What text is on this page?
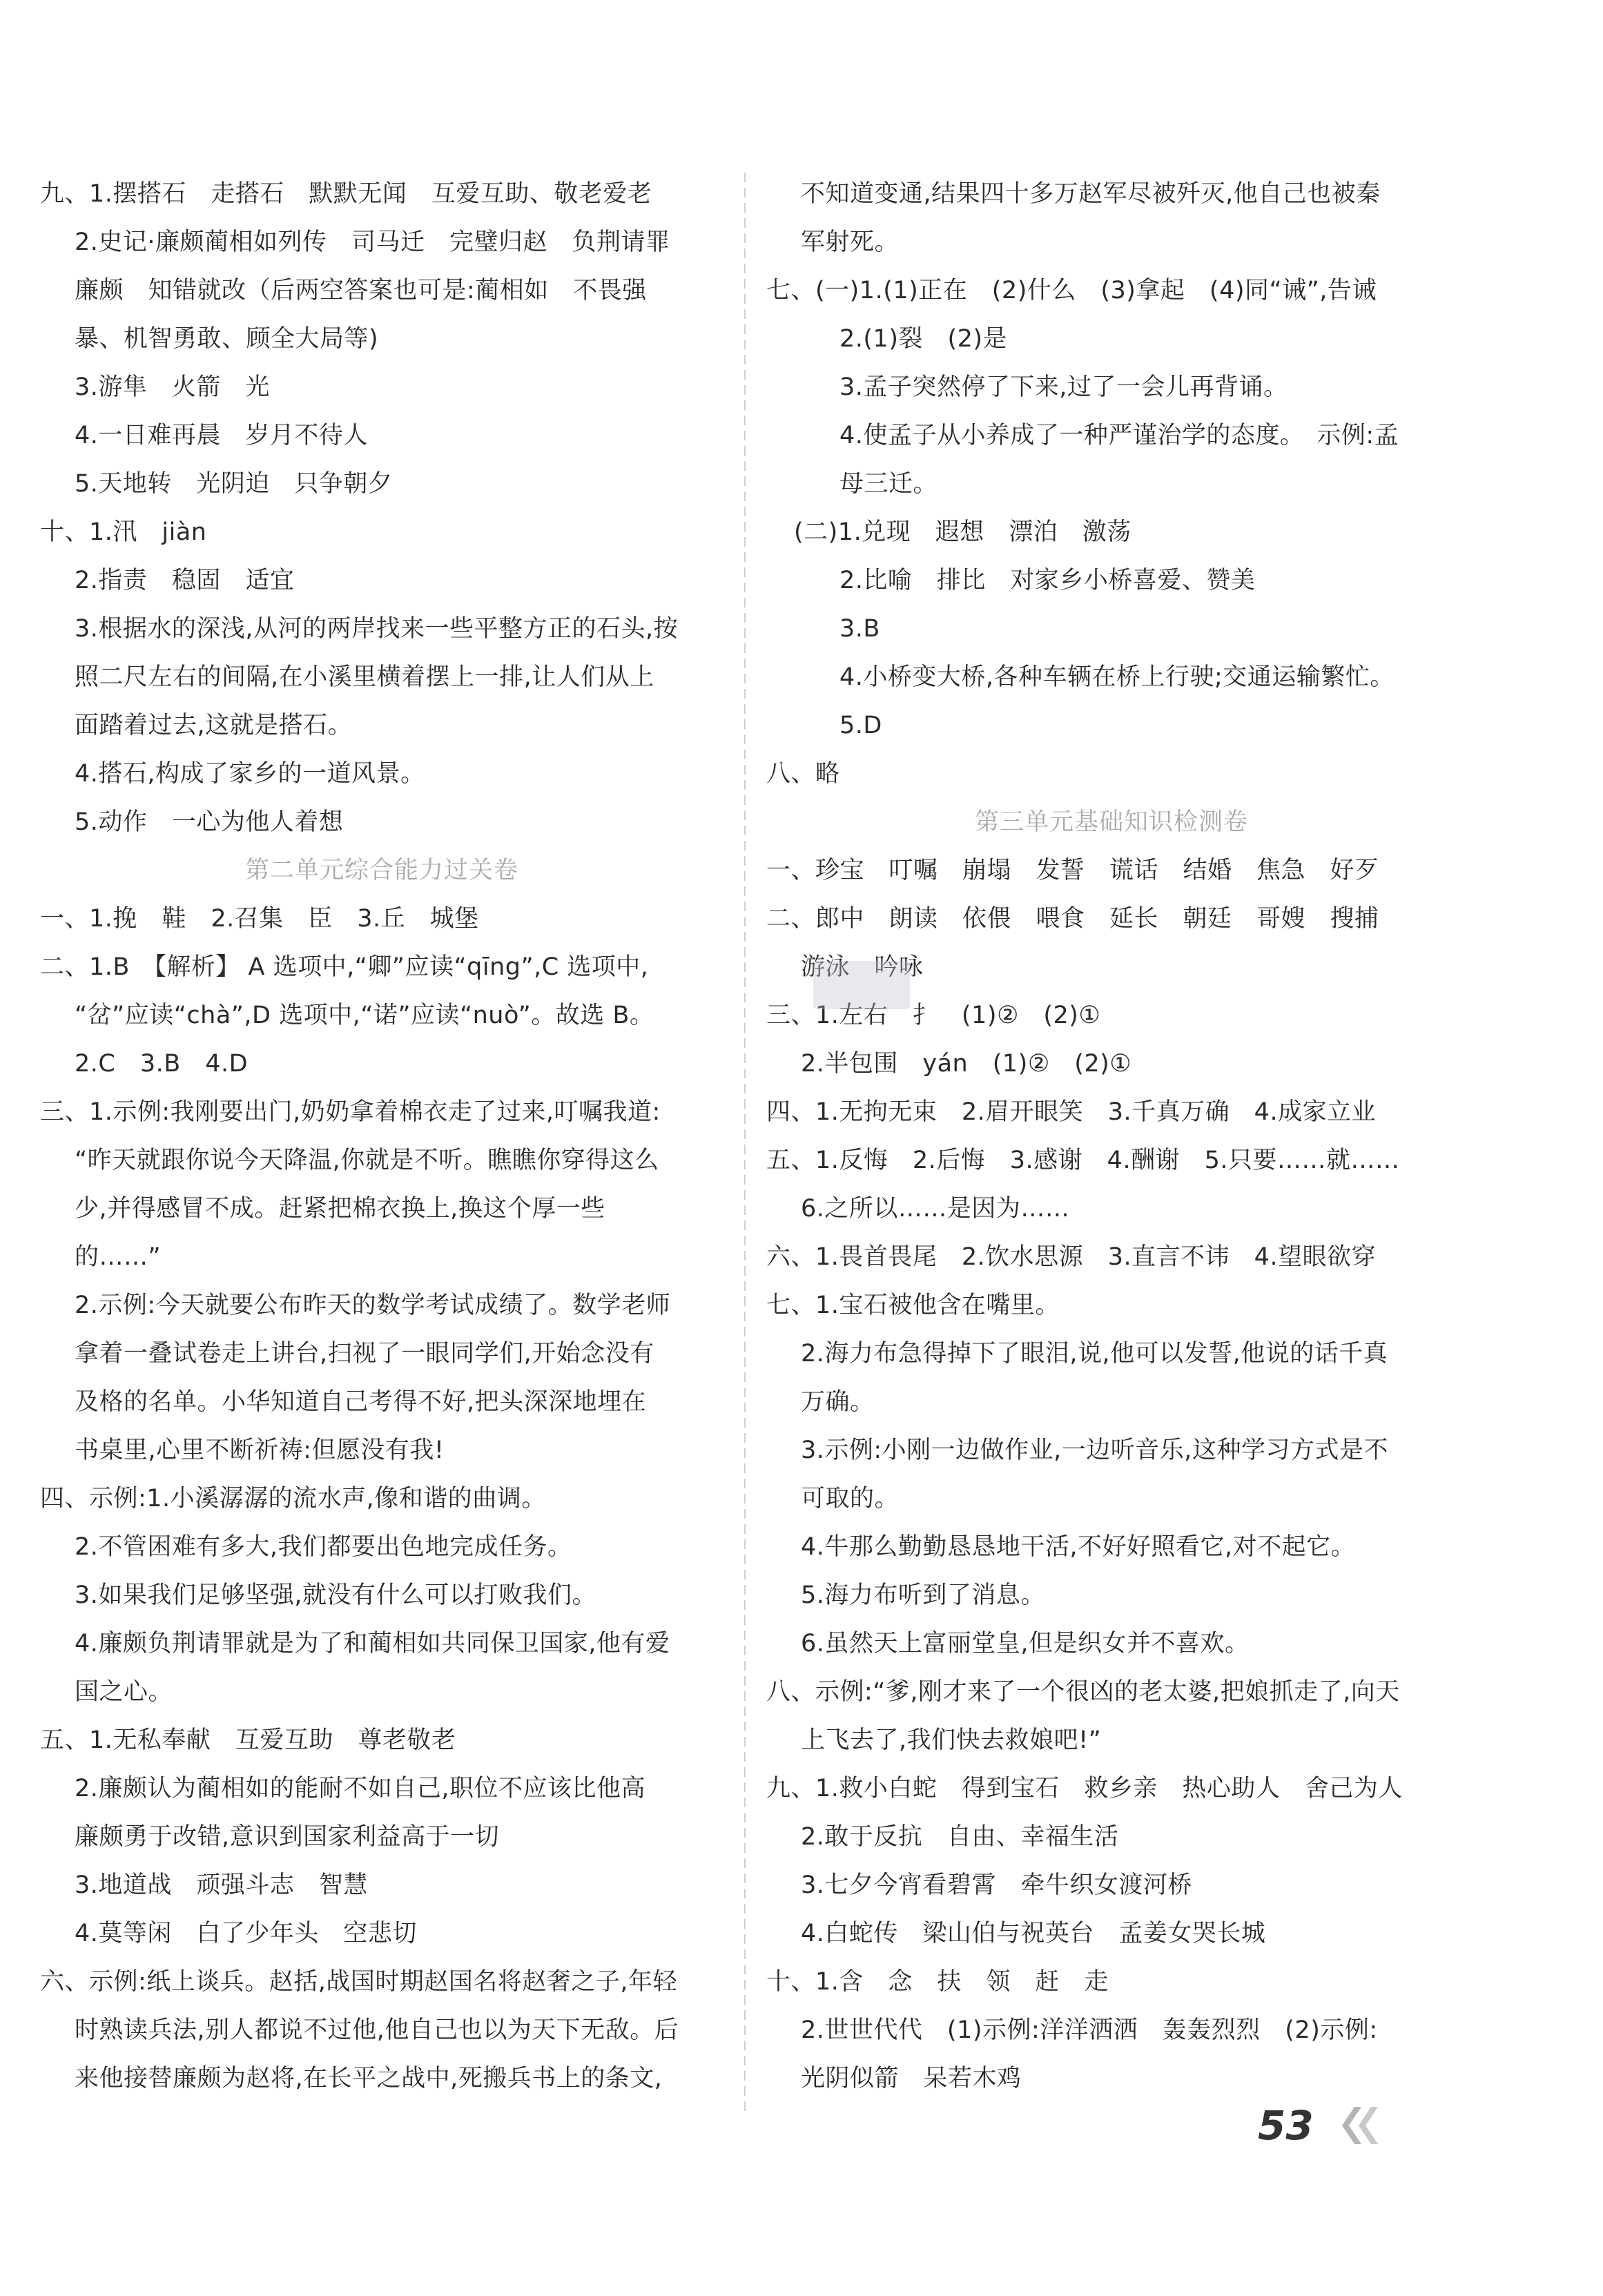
九、1.摆搭石　走搭石　默默无闻　互爱互助、敬老爱老
2.史记·廉颇蔺相如列传　司马迁　完璧归赵　负荆请罪
廉颇　知错就改（后两空答案也可是:蔺相如　不畏强
暴、机智勇敢、顾全大局等)
3.游隼　火箭　光
4.一日难再晨　岁月不待人
5.天地转　光阴迫　只争朝夕
十、1.汛　jiàn
2.指责　稳固　适宜
3.根据水的深浅,从河的两岸找来一些平整方正的石头,按
照二尺左右的间隔,在小溪里横着摆上一排,让人们从上
面踏着过去,这就是搭石。
4.搭石,构成了家乡的一道风景。
5.动作　一心为他人着想
第二单元综合能力过关卷
一、1.挽　鞋　2.召集　臣　3.丘　城堡
二、1.B　【解析】 A 选项中,“卿”应读“qīng”,C 选项中,
“岔”应读“chà”,D 选项中,“诺”应读“nuò”。故选 B。
2.C　3.B　4.D
三、1.示例:我刚要出门,奶奶拿着棉衣走了过来,叮嘱我道:
“昨天就跟你说今天降温,你就是不听。瞧瞧你穿得这么
少,并得感冒不成。赶紧把棉衣换上,换这个厚一些
的……”
2.示例:今天就要公布昨天的数学考试成绩了。数学老师
拿着一叠试卷走上讲台,扫视了一眼同学们,开始念没有
及格的名单。小华知道自己考得不好,把头深深地埋在
书桌里,心里不断祈祷:但愿没有我!
四、示例:1.小溪潺潺的流水声,像和谐的曲调。
2.不管困难有多大,我们都要出色地完成任务。
3.如果我们足够坚强,就没有什么可以打败我们。
4.廉颇负荆请罪就是为了和蔺相如共同保卫国家,他有爱
国之心。
五、1.无私奉献　互爱互助　尊老敬老
2.廉颇认为蔺相如的能耐不如自己,职位不应该比他高
廉颇勇于改错,意识到国家利益高于一切
3.地道战　顽强斗志　智慧
4.莫等闲　白了少年头　空悲切
六、示例:纸上谈兵。赵括,战国时期赵国名将赵奢之子,年轻
时熟读兵法,别人都说不过他,他自己也以为天下无敌。后
来他接替廉颇为赵将,在长平之战中,死搬兵书上的条文,
不知道变通,结果四十多万赵军尽被歼灭,他自己也被秦
军射死。
七、(一)1.(1)正在　(2)什么　(3)拿起　(4)同“诫”,告诫
2.(1)裂　(2)是
3.孟子突然停了下来,过了一会儿再背诵。
4.使孟子从小养成了一种严谨治学的态度。　示例:孟
母三迁。
(二)1.兑现　遐想　漂泊　激荡
2.比喻　排比　对家乡小桥喜爱、赞美
3.B
4.小桥变大桥,各种车辆在桥上行驶;交通运输繁忙。
5.D
八、略
第三单元基础知识检测卷
一、珍宝　叮嘱　崩塌　发誓　谎话　结婚　焦急　好歹
二、郎中　朗读　依偎　喂食　延长　朝廷　哥嫂　搜捕
游泳　吟咏
三、1.左右　扌　(1)②　(2)①
2.半包围　yán　(1)②　(2)①
四、1.无拘无束　2.眉开眼笑　3.千真万确　4.成家立业
五、1.反悔　2.后悔　3.感谢　4.酬谢　5.只要……就……
6.之所以……是因为……
六、1.畏首畏尾　2.饮水思源　3.直言不讳　4.望眼欲穿
七、1.宝石被他含在嘴里。
2.海力布急得掉下了眼泪,说,他可以发誓,他说的话千真
万确。
3.示例:小刚一边做作业,一边听音乐,这种学习方式是不
可取的。
4.牛那么勤勤恳恳地干活,不好好照看它,对不起它。
5.海力布听到了消息。
6.虽然天上富丽堂皇,但是织女并不喜欢。
八、示例:“爹,刚才来了一个很凶的老太婆,把娘抓走了,向天
上飞去了,我们快去救娘吧!”
九、1.救小白蛇　得到宝石　救乡亲　热心助人　舍己为人
2.敢于反抗　自由、幸福生活
3.七夕今宵看碧霄　牵牛织女渡河桥
4.白蛇传　梁山伯与祝英台　孟姜女哭长城
十、1.含　念　扶　领　赶　走
2.世世代代　(1)示例:洋洋洒洒　轰轰烈烈　(2)示例:
光阴似箭　呆若木鸡
53
